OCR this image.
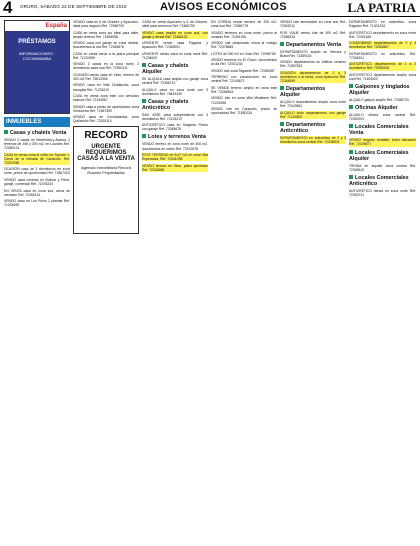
4 ORURO, SÁBADO 22 DE SEPTIEMBRE DE 2018	AVISOS ECONÓMICOS	LA PATRIA
España
PRÉSTAMOS
INFORMACIONES · COCHABAMBA
INMUEBLES
Casas y chalets Venta
VENDO 2 casas, en Semestral y Avaroa, 2 terrenos de 256 y 300 m2, en Lourdes Ref. 72390213
CASA en venta-zona el ceibo en Soporte 1. Cerca de la entrada de Caracollo. Ref. 72337956
OCASIÓN casa de 3 dormitorios en zona norte, precio de oportunidad Ref. 71867323
VENDO casa céntrica en Bolívar y Petot, garaje, comercial Ref. 72476234
EN VENTA casa en zona sud, cerca de mercado Ref. 72350114
VENDO casa en Los Pinos 2 plantas Ref. 71234559
VENDO casa en 6 de Octubre y Ayacucho, ideal para negocio Ref. 72456709
CASA en venta zona sur ideal para taller, amplio terreno Ref. 71856098
VENDO casa con garaje en zona central, documentos al día Ref. 72345678
CASA en venta cerca a la plaza principal Ref. 71234990
VENDO 2 casas en la zona norte, 2 dormitorios cada una Ref. 72390411
OCASIÓN vendo casa en Vinto, terreno de 400 m2 Ref. 73812345
VENDO casa en Villa Challacollo, zona tranquila Ref. 71233210
CASA en venta zona este con servicios básicos Ref. 72134567
VENDO casa a precio de oportunidad, zona Vichuloma Ref. 71567390
VENDO casa en Cochabamba, zona Quillacollo Ref. 72200114
RECORD
URGENTE REQUERIMOS CASAS A LA VENTA
Agencia Inmobiliaria Record Rosario Propiedades
CASA en venta Ayacucho y 6 de Octubre, ideal para comercio Ref. 72466790
VENDO casa amplia en zona sud, con garaje y tienda Ref. 72466123
URGENTE vendo casa Pagador y Ayacucho Ref. 72345001
URGENTE vendo casa en zona norte Ref. 71234000
Casas y chalets Alquiler
SE ALQUILA casa amplia con garaje zona central Ref. 72356712
ALQUILO casa en zona norte con 3 dormitorios Ref. 78615430
Casas y chalets Anticrético
SAN JOSÉ casa independiente con 3 dormitorios Ref. 72133212
ANTICRÉTICO casa en Sargento Flores con garaje Ref. 72045678
Lotes y terrenos Venta
VENDO terreno en zona norte de 300 m2, documentos en orden Ref. 72312678
ESTE TERRENO de 9x27 m2 en zona Villa Esperanza, Ref. 72341098
VENDO terreno en Vinto, plano aprobado Ref. 72334556
EN CORIDA vendo terreno de 200 m2, zona sud Ref. 72366778
VENDO terrenos en zona norte, precio al contado Ref. 72451290
VENDO lote urbanizado cerca al colegio Ref. 72378845
LOTES de 250 m2 en Vinto Ref. 71098765
VENDO terrenos en El Choro, documentos al día Ref. 72001234
VENDO lote zona Tagarete Ref. 72390087
TERRENO con construcción en zona central Ref. 72145671
SE VENDE terreno amplio en zona este Ref. 72366543
VENDO lote en zona Villa Miraflores Ref. 71223456
VENDO lote en Caracollo, precio de oportunidad Ref. 71890234
VENDO lote amueblado en zona sud Ref. 72343211
POR VIAJE vendo lote de 300 m2 Ref. 72356034
Departamentos Venta
DEPARTAMENTO amplio en Herrera y Brasil Ref. 72459115
VENDO departamento en edificio céntrico Ref. 71857823
OCASIÓN departamento de 2 y 3 dormitorios a la venta, zona Ayacucho Ref. 72345099
Departamentos Alquiler
ALQUILO departamento amplio zona norte Ref. 72343561
ALQUILO lindo departamento con garaje Ref. 71234500
Departamentos Anticrético
DEPARTAMENTO en anticrético de 2 y 3 dormitorios zona central Ref. 72338003
DEPARTAMENTO en anticrético zona Pagador Ref. 71001234
ANTICRÉTICO departamento en zona norte Ref. 72341165
CONDOMINIO departamentos de 2 y 3 dormitorios Ref. 72334567
DEPARTAMENTO en anticrético Ref. 77334901
ANTICRÉTICO departamento de 1 a 2 dormitorios Ref. 72090008
ANTICRÉTICO departamento amplio zona sud Ref. 71453320
Galpones y tinglados Alquiler
ALQUILO galpón amplio Ref. 72356720
Oficinas Alquiler
ALQUILO oficina zona central Ref. 72040001
Locales Comerciales Venta
VENDO negocio rentable, buen ubicación Ref. 72349877
Locales Comerciales Alquiler
TIENDA en alquiler zona central Ref. 72345610
Locales Comerciales Anticrético
ANTICRÉTICO tienda en zona norte Ref. 72392221
